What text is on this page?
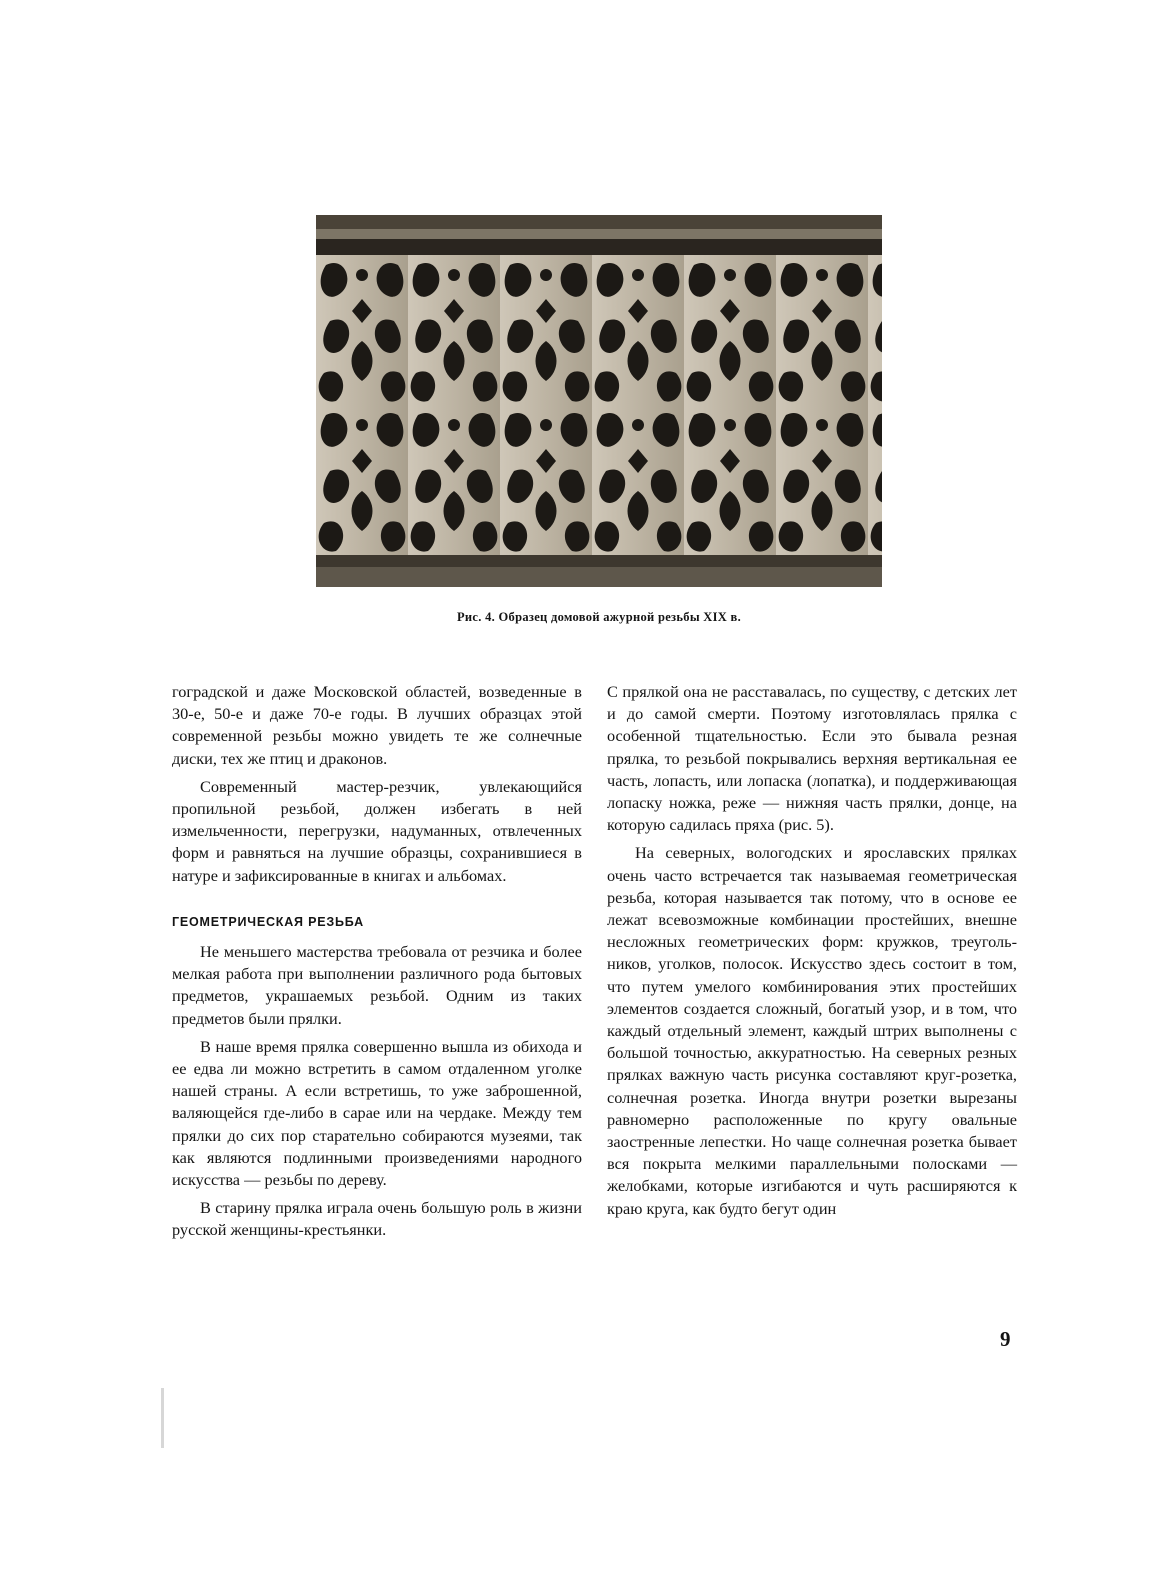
Рис. 4. Образец домовой ажурной резьбы XIX в.

гоградской и даже Московской областей, возведенные в 30-е, 50-е и даже 70-е годы. В лучших образцах этой современной резьбы можно увидеть те же солнечные диски, тех же птиц и драконов.

Современный мастер-резчик, увлекающийся пропильной резьбой, должен избегать в ней измельченности, перегрузки, надуманных, отвлеченных форм и равняться на лучшие образцы, сохранившиеся в натуре и зафиксированные в книгах и альбомах.

ГЕОМЕТРИЧЕСКАЯ РЕЗЬБА

Не меньшего мастерства требовала от резчика и более мелкая работа при выполнении различного рода бытовых предметов, украшаемых резьбой. Одним из таких предметов были прялки.

В наше время прялка совершенно вышла из обихода и ее едва ли можно встретить в самом отдаленном уголке нашей страны. А если встретишь, то уже заброшенной, валяющейся где-либо в сарае или на чердаке. Между тем прялки до сих пор старательно собираются музеями, так как являются подлинными произведениями народного искусства — резьбы по дереву.

В старину прялка играла очень большую роль в жизни русской женщины-крестьянки.

С прялкой она не расставалась, по существу, с детских лет и до самой смерти. Поэтому изготовлялась прялка с особенной тщательностью. Если это бывала резная прялка, то резьбой покрывались верхняя вертикальная ее часть, лопасть, или лопаска (лопатка), и поддерживающая лопаску ножка, реже — нижняя часть прялки, донце, на которую садилась пряха (рис. 5).

На северных, вологодских и ярославских прялках очень часто встречается так называемая геометрическая резьба, которая называется так потому, что в основе ее лежат всевозможные комбинации простейших, внешне несложных геометрических форм: кружков, треугольников, уголков, полосок. Искусство здесь состоит в том, что путем умелого комбинирования этих простейших элементов создается сложный, богатый узор, и в том, что каждый отдельный элемент, каждый штрих выполнены с большой точностью, аккуратностью. На северных резных прялках важную часть рисунка составляют круг-розетка, солнечная розетка. Иногда внутри розетки вырезаны равномерно расположенные по кругу овальные заостренные лепестки. Но чаще солнечная розетка бывает вся покрыта мелкими параллельными полосками — желобками, которые изгибаются и чуть расширяются к краю круга, как будто бегут один

9
